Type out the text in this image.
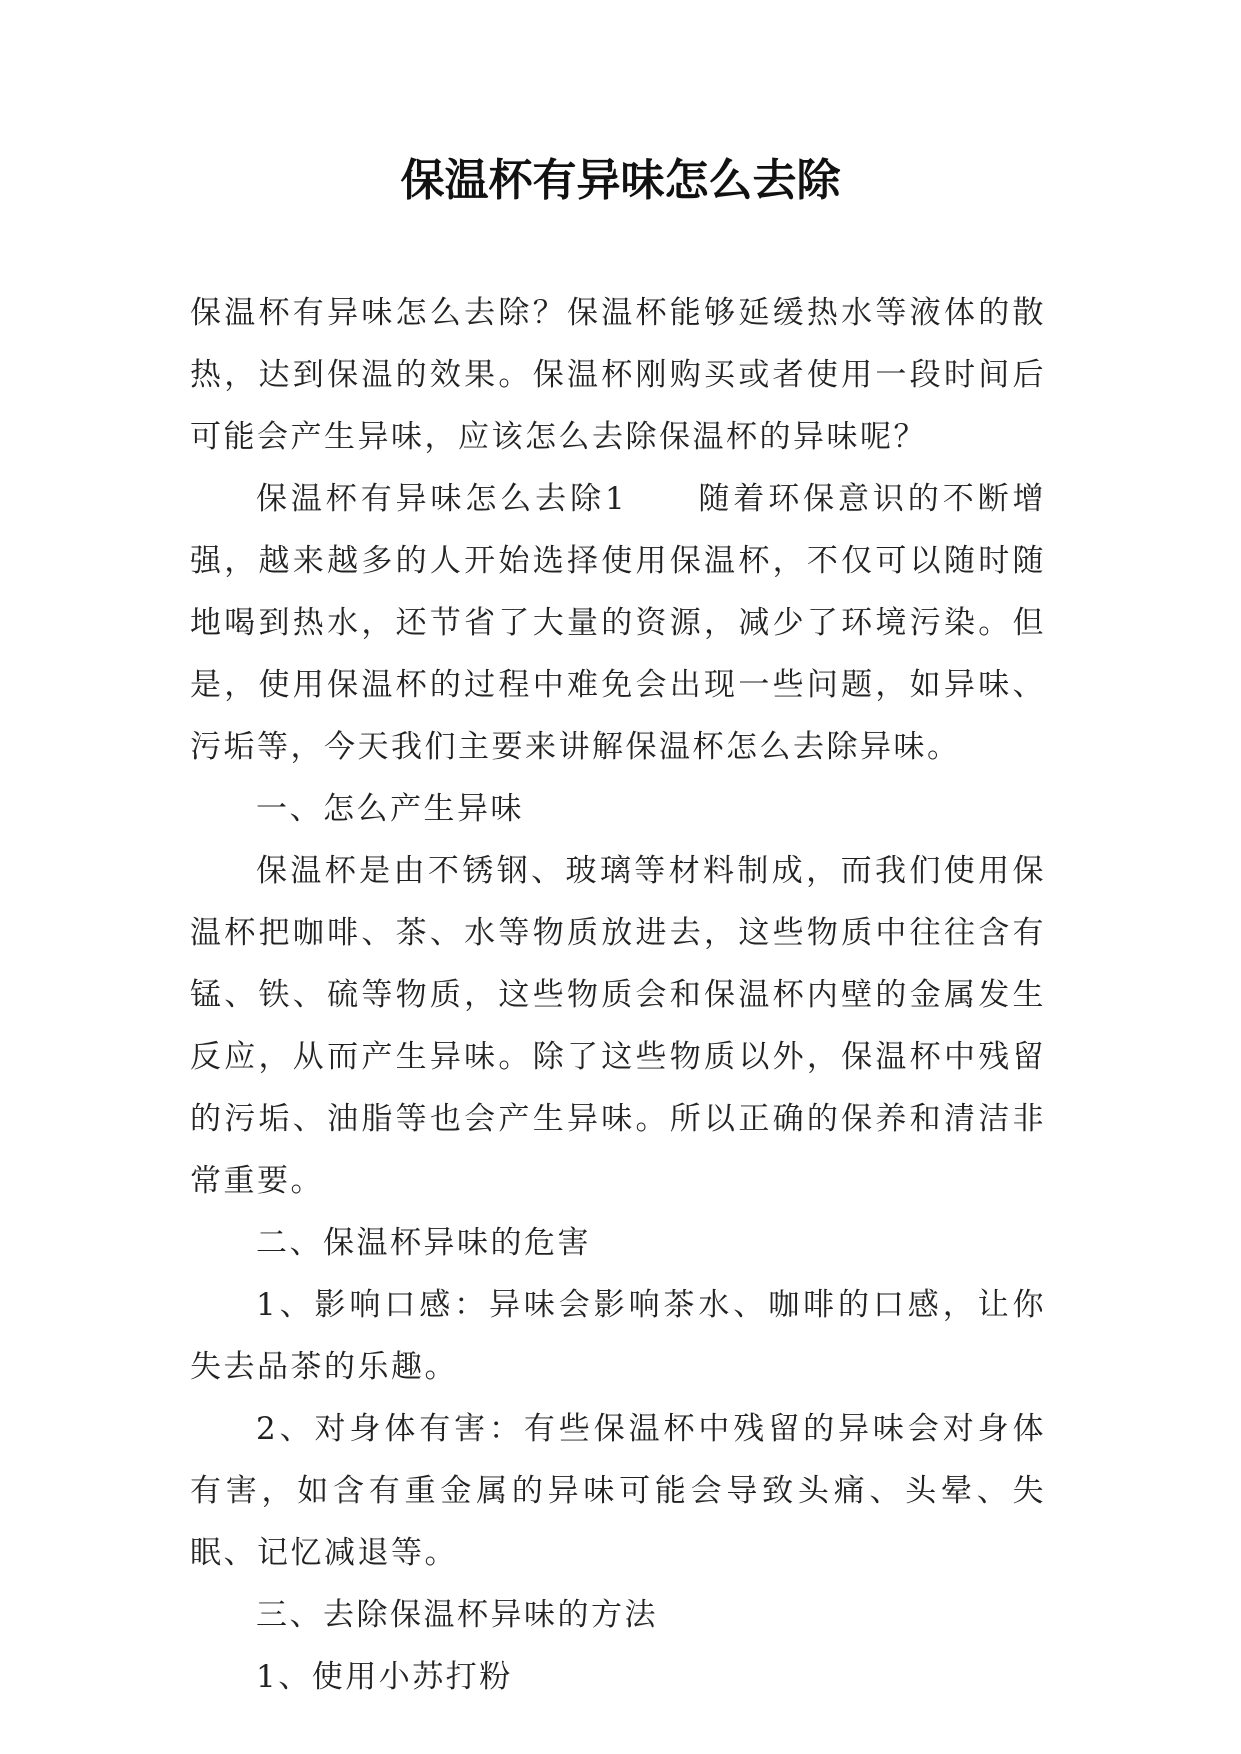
保温杯有异味怎么去除

保温杯有异味怎么去除？保温杯能够延缓热水等液体的散热，达到保温的效果。保温杯刚购买或者使用一段时间后可能会产生异味，应该怎么去除保温杯的异味呢？

保温杯有异味怎么去除1　　随着环保意识的不断增强，越来越多的人开始选择使用保温杯，不仅可以随时随地喝到热水，还节省了大量的资源，减少了环境污染。但是，使用保温杯的过程中难免会出现一些问题，如异味、污垢等，今天我们主要来讲解保温杯怎么去除异味。

一、怎么产生异味

保温杯是由不锈钢、玻璃等材料制成，而我们使用保温杯把咖啡、茶、水等物质放进去，这些物质中往往含有锰、铁、硫等物质，这些物质会和保温杯内壁的金属发生反应，从而产生异味。除了这些物质以外，保温杯中残留的污垢、油脂等也会产生异味。所以正确的保养和清洁非常重要。

二、保温杯异味的危害

1、影响口感：异味会影响茶水、咖啡的口感，让你失去品茶的乐趣。

2、对身体有害：有些保温杯中残留的异味会对身体有害，如含有重金属的异味可能会导致头痛、头晕、失眠、记忆减退等。

三、去除保温杯异味的方法

1、使用小苏打粉
